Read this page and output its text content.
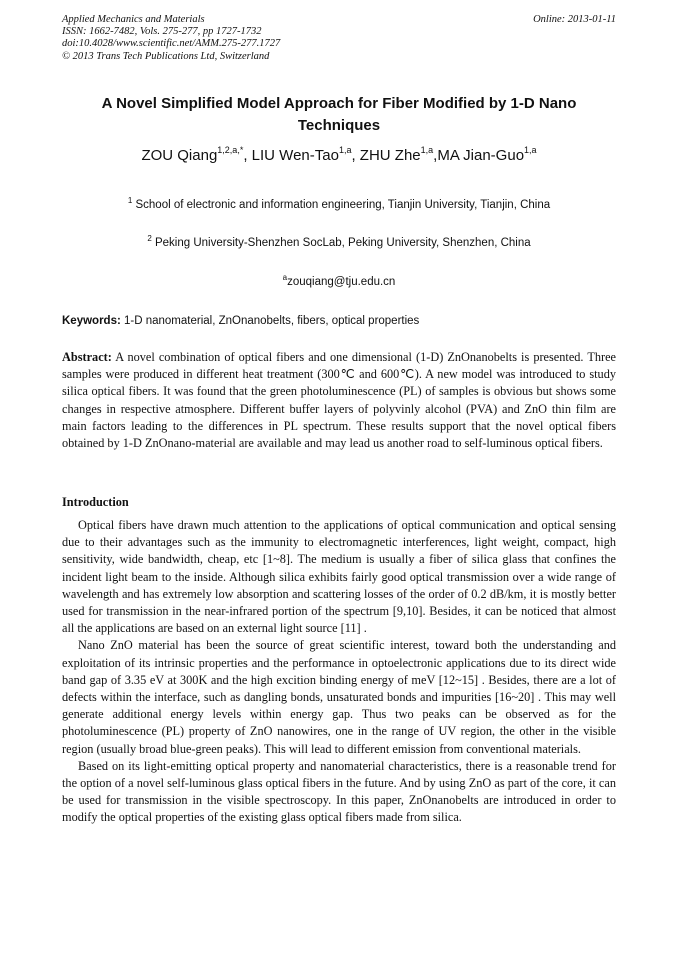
Applied Mechanics and Materials
ISSN: 1662-7482, Vols. 275-277, pp 1727-1732
doi:10.4028/www.scientific.net/AMM.275-277.1727
© 2013 Trans Tech Publications Ltd, Switzerland
Online: 2013-01-11
A Novel Simplified Model Approach for Fiber Modified by 1-D Nano Techniques
ZOU Qiang$^{1,2,a,*}$, LIU Wen-Tao$^{1,a}$, ZHU Zhe$^{1,a}$,MA Jian-Guo$^{1,a}$
$^1$ School of electronic and information engineering, Tianjin University, Tianjin, China
$^2$ Peking University-Shenzhen SocLab, Peking University, Shenzhen, China
$^a$zouqiang@tju.edu.cn
Keywords: 1-D nanomaterial, ZnOnanobelts, fibers, optical properties
Abstract: A novel combination of optical fibers and one dimensional (1-D) ZnOnanobelts is presented. Three samples were produced in different heat treatment (300℃ and 600℃). A new model was introduced to study silica optical fibers. It was found that the green photoluminescence (PL) of samples is obvious but shows some changes in respective atmosphere. Different buffer layers of polyvinly alcohol (PVA) and ZnO thin film are main factors leading to the differences in PL spectrum. These results support that the novel optical fibers obtained by 1-D ZnOnano-material are available and may lead us another road to self-luminous optical fibers.
Introduction

Optical fibers have drawn much attention to the applications of optical communication and optical sensing due to their advantages such as the immunity to electromagnetic interferences, light weight, compact, high sensitivity, wide bandwidth, cheap, etc [1~8]. The medium is usually a fiber of silica glass that confines the incident light beam to the inside. Although silica exhibits fairly good optical transmission over a wide range of wavelength and has extremely low absorption and scattering losses of the order of 0.2 dB/km, it is mostly better used for transmission in the near-infrared portion of the spectrum [9,10]. Besides, it can be noticed that almost all the applications are based on an external light source [11] .

Nano ZnO material has been the source of great scientific interest, toward both the understanding and exploitation of its intrinsic properties and the performance in optoelectronic applications due to its direct wide band gap of 3.35 eV at 300K and the high excition binding energy of meV [12~15] . Besides, there are a lot of defects within the interface, such as dangling bonds, unsaturated bonds and impurities [16~20] . This may well generate additional energy levels within energy gap. Thus two peaks can be observed as for the photoluminescence (PL) property of ZnO nanowires, one in the range of UV region, the other in the visible region (usually broad blue-green peaks). This will lead to different emission from conventional materials.

Based on its light-emitting optical property and nanomaterial characteristics, there is a reasonable trend for the option of a novel self-luminous glass optical fibers in the future. And by using ZnO as part of the core, it can be used for transmission in the visible spectroscopy. In this paper, ZnOnanobelts are introduced in order to modify the optical properties of the existing glass optical fibers made from silica.
